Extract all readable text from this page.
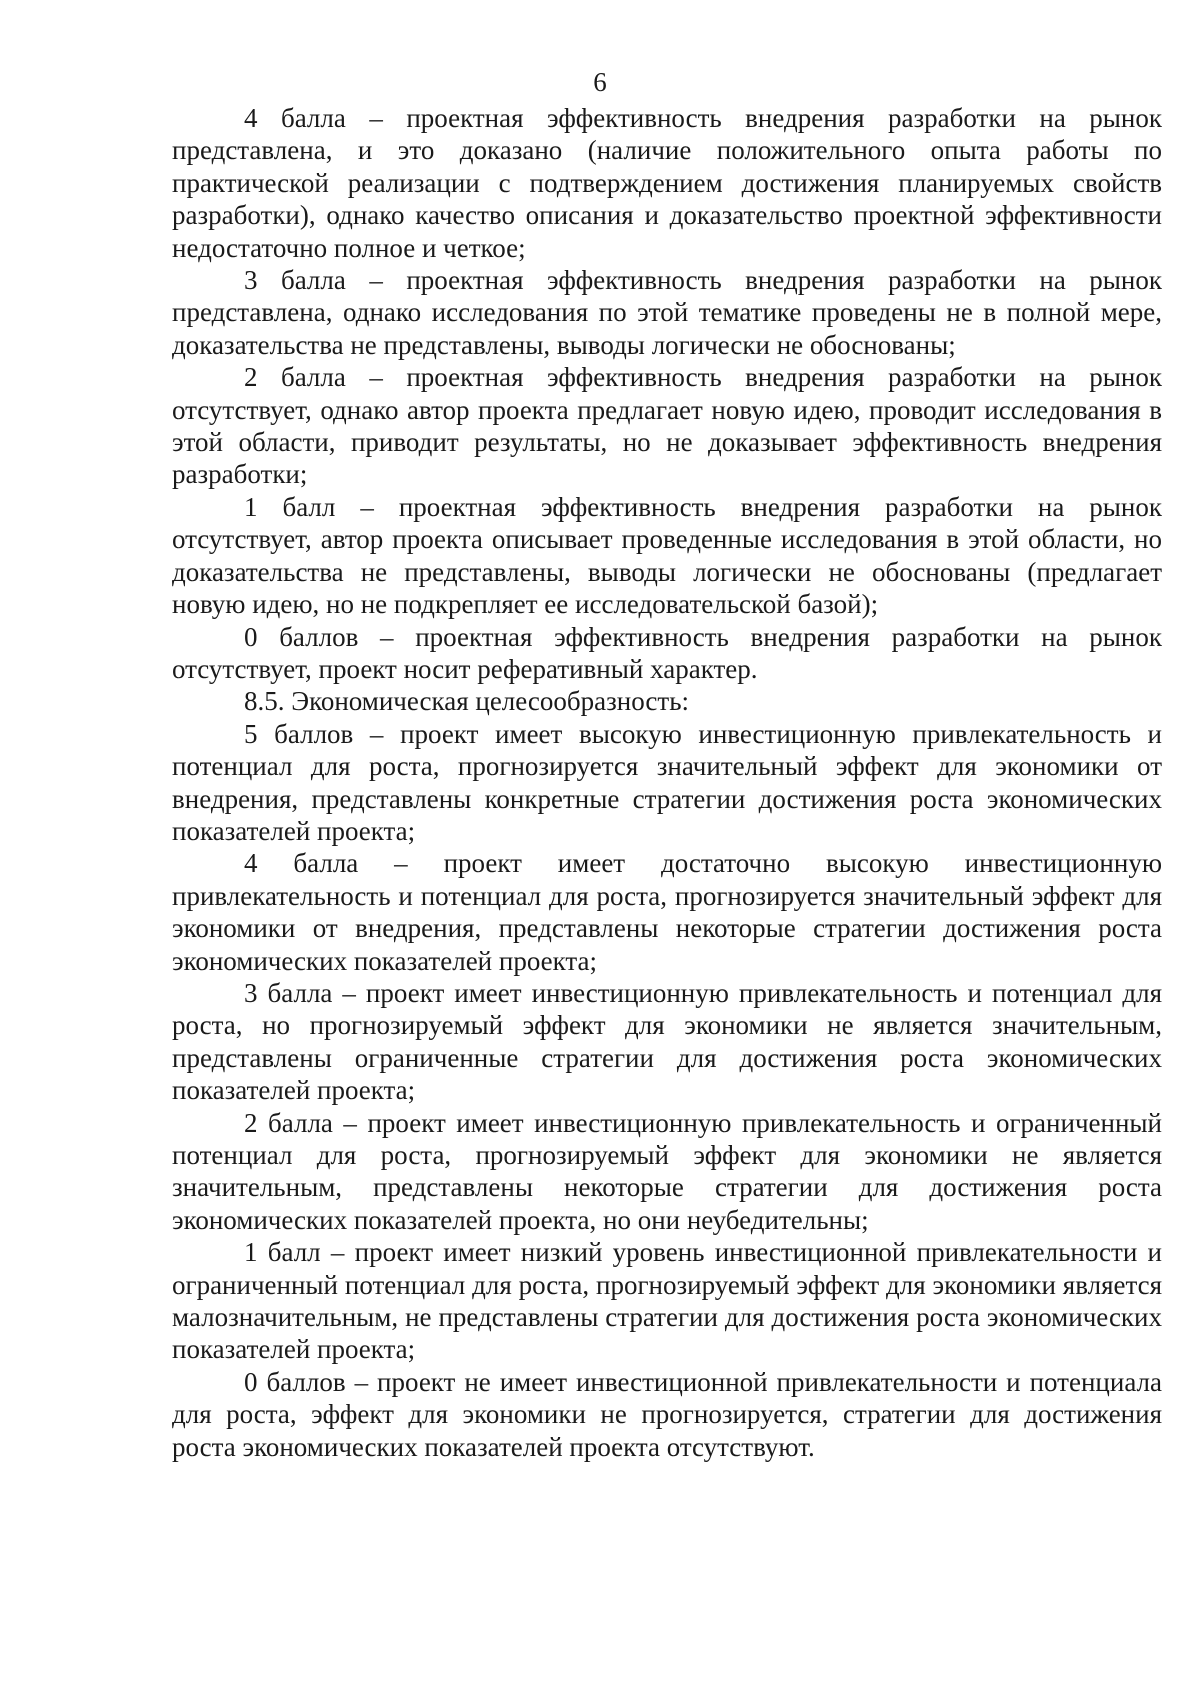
6

4 балла – проектная эффективность внедрения разработки на рынок представлена, и это доказано (наличие положительного опыта работы по практической реализации с подтверждением достижения планируемых свойств разработки), однако качество описания и доказательство проектной эффективности недостаточно полное и четкое;

3 балла – проектная эффективность внедрения разработки на рынок представлена, однако исследования по этой тематике проведены не в полной мере, доказательства не представлены, выводы логически не обоснованы;

2 балла – проектная эффективность внедрения разработки на рынок отсутствует, однако автор проекта предлагает новую идею, проводит исследования в этой области, приводит результаты, но не доказывает эффективность внедрения разработки;

1 балл – проектная эффективность внедрения разработки на рынок отсутствует, автор проекта описывает проведенные исследования в этой области, но доказательства не представлены, выводы логически не обоснованы (предлагает новую идею, но не подкрепляет ее исследовательской базой);

0 баллов – проектная эффективность внедрения разработки на рынок отсутствует, проект носит реферативный характер.

8.5. Экономическая целесообразность:

5 баллов – проект имеет высокую инвестиционную привлекательность и потенциал для роста, прогнозируется значительный эффект для экономики от внедрения, представлены конкретные стратегии достижения роста экономических показателей проекта;

4 балла – проект имеет достаточно высокую инвестиционную привлекательность и потенциал для роста, прогнозируется значительный эффект для экономики от внедрения, представлены некоторые стратегии достижения роста экономических показателей проекта;

3 балла – проект имеет инвестиционную привлекательность и потенциал для роста, но прогнозируемый эффект для экономики не является значительным, представлены ограниченные стратегии для достижения роста экономических показателей проекта;

2 балла – проект имеет инвестиционную привлекательность и ограниченный потенциал для роста, прогнозируемый эффект для экономики не является значительным, представлены некоторые стратегии для достижения роста экономических показателей проекта, но они неубедительны;

1 балл – проект имеет низкий уровень инвестиционной привлекательности и ограниченный потенциал для роста, прогнозируемый эффект для экономики является малозначительным, не представлены стратегии для достижения роста экономических показателей проекта;

0 баллов – проект не имеет инвестиционной привлекательности и потенциала для роста, эффект для экономики не прогнозируется, стратегии для достижения роста экономических показателей проекта отсутствуют.
